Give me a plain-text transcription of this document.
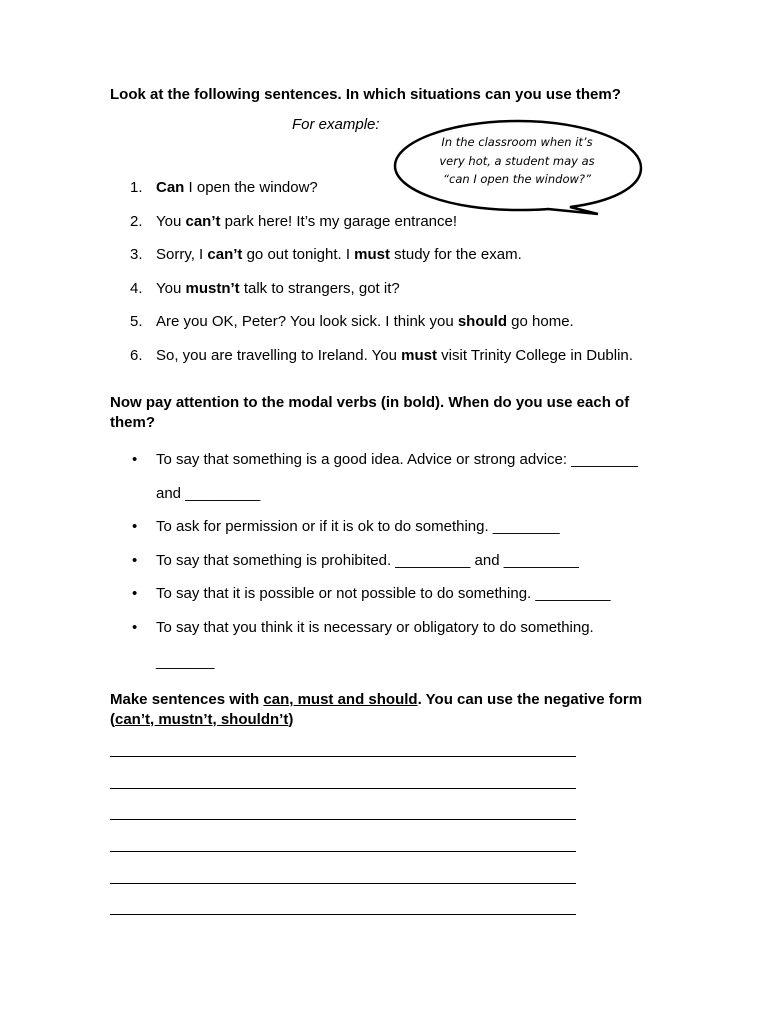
Look at the following sentences. In which situations can you use them?
For example:
In the classroom when it’s
very hot, a student may as
“can I open the window?”
1. Can I open the window?
2. You can’t park here! It’s my garage entrance!
3. Sorry, I can’t go out tonight. I must study for the exam.
4. You mustn’t talk to strangers, got it?
5. Are you OK, Peter? You look sick. I think you should go home.
6. So, you are travelling to Ireland. You must visit Trinity College in Dublin.
Now pay attention to the modal verbs (in bold). When do you use each of them?
• To say that something is a good idea. Advice or strong advice: ________
and _________
• To ask for permission or if it is ok to do something. ________
• To say that something is prohibited. _________ and _________
• To say that it is possible or not possible to do something. _________
• To say that you think it is necessary or obligatory to do something.
_______
Make sentences with can, must and should. You can use the negative form (can’t, mustn’t, shouldn’t)
